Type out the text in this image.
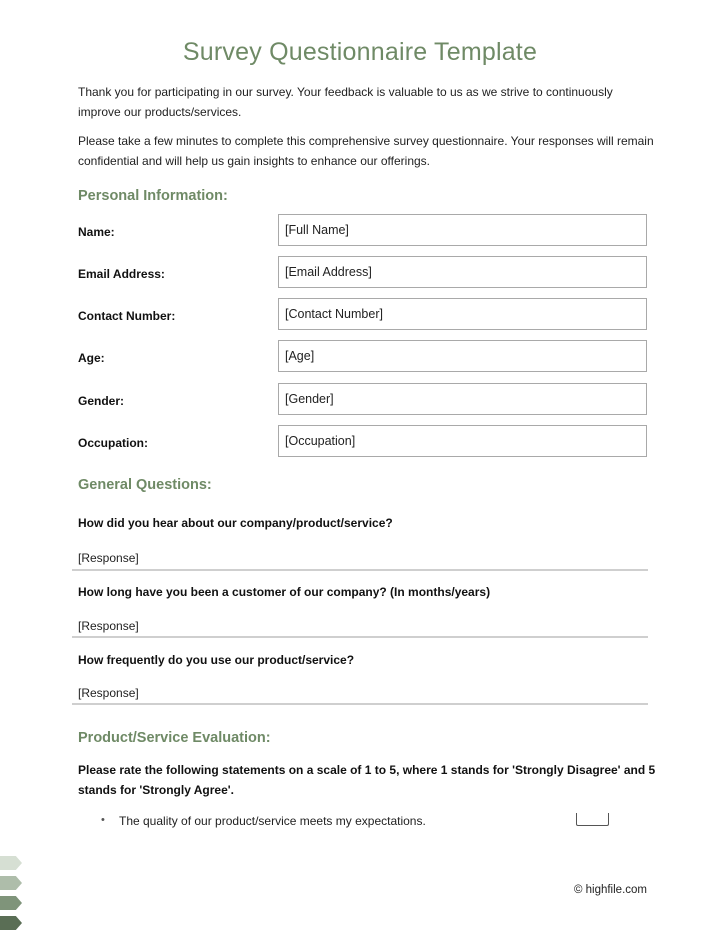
Survey Questionnaire Template
Thank you for participating in our survey. Your feedback is valuable to us as we strive to continuously improve our products/services.
Please take a few minutes to complete this comprehensive survey questionnaire. Your responses will remain confidential and will help us gain insights to enhance our offerings.
Personal Information:
Name:	[Full Name]
Email Address:	[Email Address]
Contact Number:	[Contact Number]
Age:	[Age]
Gender:	[Gender]
Occupation:	[Occupation]
General Questions:
How did you hear about our company/product/service?
[Response]
How long have you been a customer of our company? (In months/years)
[Response]
How frequently do you use our product/service?
[Response]
Product/Service Evaluation:
Please rate the following statements on a scale of 1 to 5, where 1 stands for 'Strongly Disagree' and 5 stands for 'Strongly Agree'.
• The quality of our product/service meets my expectations.
© highfile.com
